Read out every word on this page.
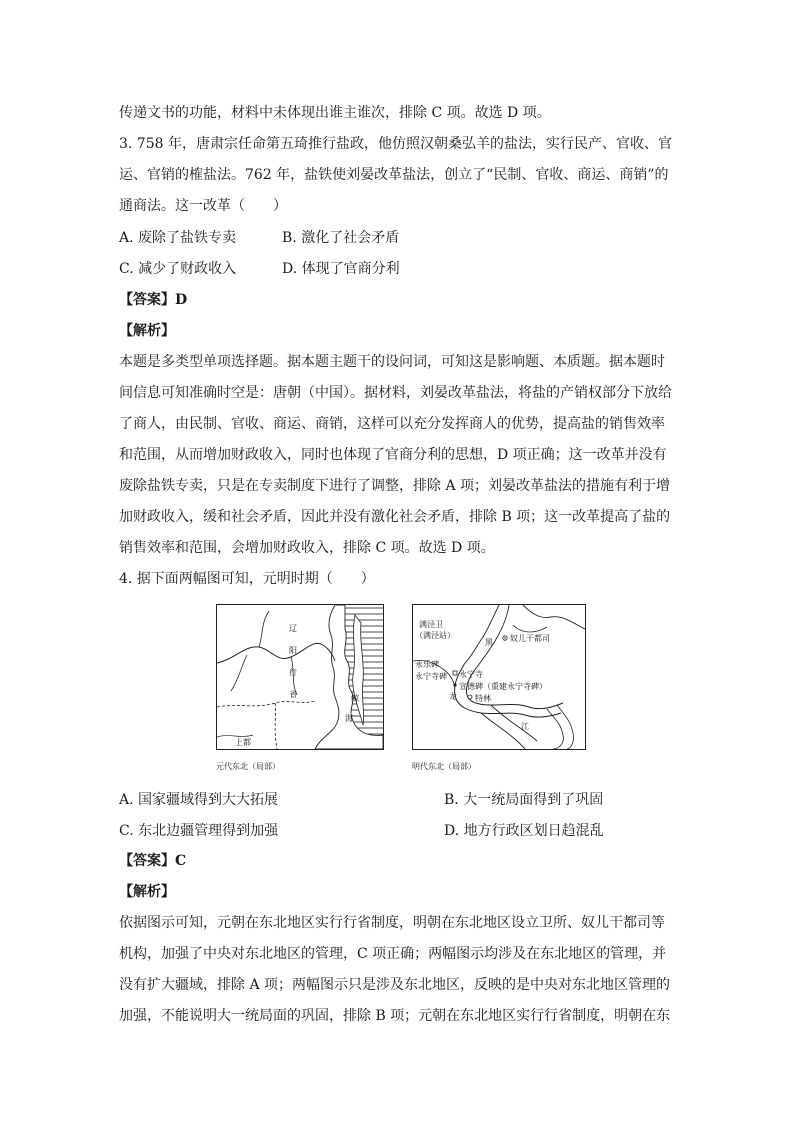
传递文书的功能，材料中未体现出谁主谁次，排除 C 项。故选 D 项。
3. 758 年，唐肃宗任命第五琦推行盐政，他仿照汉朝桑弘羊的盐法，实行民产、官收、官
运、官销的榷盐法。762 年，盐铁使刘晏改革盐法，创立了“民制、官收、商运、商销”的
通商法。这一改革（　　）
A. 废除了盐铁专卖	B. 激化了社会矛盾
C. 减少了财政收入	D. 体现了官商分利
【答案】D
【解析】
本题是多类型单项选择题。据本题主题干的设问词，可知这是影响题、本质题。据本题时
间信息可知准确时空是：唐朝（中国）。据材料，刘晏改革盐法，将盐的产销权部分下放给
了商人，由民制、官收、商运、商销，这样可以充分发挥商人的优势，提高盐的销售效率
和范围，从而增加财政收入，同时也体现了官商分利的思想，D 项正确；这一改革并没有
废除盐铁专卖，只是在专卖制度下进行了调整，排除 A 项；刘晏改革盐法的措施有利于增
加财政收入，缓和社会矛盾，因此并没有激化社会矛盾，排除 B 项；这一改革提高了盐的
销售效率和范围，会增加财政收入，排除 C 项。故选 D 项。
4. 据下面两幅图可知，元明时期（　　）
辽
阳
行
省
上都
鲸
海
元代东北（局部）
满泾卫
（满泾站）
黑 奴儿干都司
永乐碑
永宁寺碑 永宁寺
宣德碑（重建永宁寺碑）
龙 特林
江
明代东北（局部）
A. 国家疆域得到大大拓展	B. 大一统局面得到了巩固
C. 东北边疆管理得到加强	D. 地方行政区划日趋混乱
【答案】C
【解析】
依据图示可知，元朝在东北地区实行行省制度，明朝在东北地区设立卫所、奴儿干都司等
机构，加强了中央对东北地区的管理，C 项正确；两幅图示均涉及在东北地区的管理，并
没有扩大疆域，排除 A 项；两幅图示只是涉及东北地区，反映的是中央对东北地区管理的
加强，不能说明大一统局面的巩固，排除 B 项；元朝在东北地区实行行省制度，明朝在东
